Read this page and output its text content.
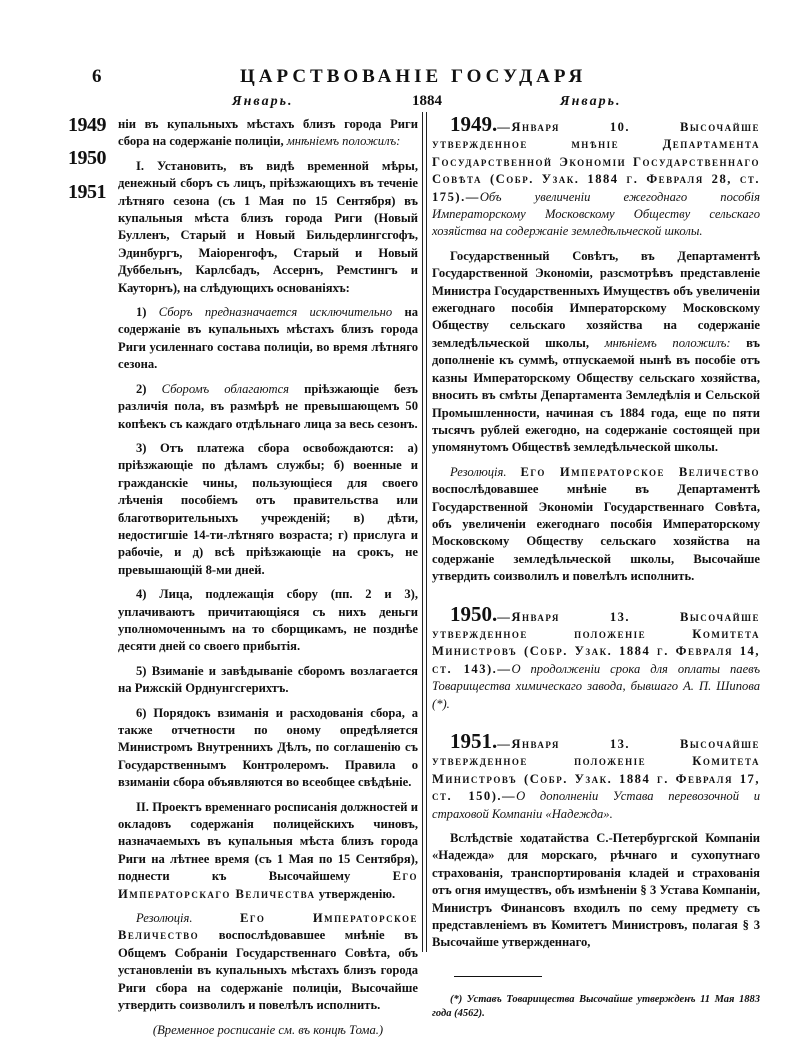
6	ЦАРСТВОВАНІЕ ГОСУДАРЯ
Январь.	1884	Январь.
1949
1950
1951

ніи въ купальныхъ мѣстахъ близъ города Риги сбора на содержаніе полиціи, мнѣніемъ положилъ:

I. Установить, въ видѣ временной мѣры, денежный сборъ съ лицъ, пріѣзжающихъ въ теченіе лѣтняго сезона (съ 1 Мая по 15 Сентября) въ купальныя мѣста близъ города Риги (Новый Булленъ, Старый и Новый Бильдерлингсгофъ, Эдинбургъ, Маіоренгофъ, Старый и Новый Дуббельнъ, Карлсбадъ, Ассернъ, Ремстингъ и Кауторнъ), на слѣдующихъ основаніяхъ:

1) Сборъ предназначается исключительно на содержаніе въ купальныхъ мѣстахъ близъ города Риги усиленнаго состава полиціи, во время лѣтняго сезона.

2) Сборомъ облагаются пріѣзжающіе безъ различія пола, въ размѣрѣ не превышающемъ 50 копѣекъ съ каждаго отдѣльнаго лица за весь сезонъ.

3) Отъ платежа сбора освобождаются: а) пріѣзжающіе по дѣламъ службы; б) военные и гражданскіе чины, пользующіеся для своего лѣченія пособіемъ отъ правительства или благотворительныхъ учрежденій; в) дѣти, недостигшіе 14-ти-лѣтняго возраста; г) прислуга и рабочіе, и д) всѣ пріѣзжающіе на срокъ, не превышающій 8-ми дней.

4) Лица, подлежащія сбору (пп. 2 и 3), уплачиваютъ причитающіяся съ нихъ деньги уполномоченнымъ на то сборщикамъ, не позднѣе десяти дней со своего прибытія.

5) Взиманіе и завѣдываніе сборомъ возлагается на Рижскій Орднунгсгерихтъ.

6) Порядокъ взиманія и расходованія сбора, а также отчетности по оному опредѣляется Министромъ Внутреннихъ Дѣлъ, по соглашенію съ Государственнымъ Контролеромъ. Правила о взиманіи сбора объявляются во всеобщее свѣдѣніе.

II. Проектъ временнаго росписанія должностей и окладовъ содержанія полицейскихъ чиновъ, назначаемыхъ въ купальныя мѣста близъ города Риги на лѣтнее время (съ 1 Мая по 15 Сентября), поднести къ Высочайшему Его Императорскаго Величества утвержденію.

Резолюція. Его Императорское Величество воспослѣдовавшее мнѣніе въ Общемъ Собраніи Государственнаго Совѣта, объ установленіи въ купальныхъ мѣстахъ близъ города Риги сбора на содержаніе полиціи, Высочайше утвердить соизволилъ и повелѣлъ исполнить.

(Временное росписаніе см. въ концѣ Тома.)

1949.—Января 10. Высочайше утвержденное мнѣніе Департамента Государственной Экономіи Государственнаго Совѣта (Собр. Узак. 1884 г. Февраля 28, ст. 175).—Объ увеличеніи ежегоднаго пособія Императорскому Московскому Обществу сельскаго хозяйства на содержаніе земледѣльческой школы.

Государственный Совѣтъ, въ Департаментѣ Государственной Экономіи, разсмотрѣвъ представленіе Министра Государственныхъ Имуществъ объ увеличеніи ежегоднаго пособія Императорскому Московскому Обществу сельскаго хозяйства на содержаніе земледѣльческой школы, мнѣніемъ положилъ: въ дополненіе къ суммѣ, отпускаемой нынѣ въ пособіе отъ казны Императорскому Обществу сельскаго хозяйства, вносить въ смѣты Департамента Земледѣлія и Сельской Промышленности, начиная съ 1884 года, еще по пяти тысячъ рублей ежегодно, на содержаніе состоящей при упомянутомъ Обществѣ земледѣльческой школы.

Резолюція. Его Императорское Величество воспослѣдовавшее мнѣніе въ Департаментѣ Государственной Экономіи Государственнаго Совѣта, объ увеличеніи ежегоднаго пособія Императорскому Московскому Обществу сельскаго хозяйства на содержаніе земледѣльческой школы, Высочайше утвердить соизволилъ и повелѣлъ исполнить.

1950.—Января 13. Высочайше утвержденное положеніе Комитета Министровъ (Собр. Узак. 1884 г. Февраля 14, ст. 143).—О продолженіи срока для оплаты паевъ Товарищества химическаго завода, бывшаго А. П. Шипова (*).

1951.—Января 13. Высочайше утвержденное положеніе Комитета Министровъ (Собр. Узак. 1884 г. Февраля 17, ст. 150).—О дополненіи Устава перевозочной и страховой Компаніи «Надежда».

Вслѣдствіе ходатайства С.-Петербургской Компаніи «Надежда» для морскаго, рѣчнаго и сухопутнаго страхованія, транспортированія кладей и страхованія отъ огня имуществъ, объ измѣненіи § 3 Устава Компаніи, Министръ Финансовъ входилъ по сему предмету съ представленіемъ въ Комитетъ Министровъ, полагая § 3 Высочайше утвержденнаго,

(*) Уставъ Товарищества Высочайше утвержденъ 11 Мая 1883 года (4562).
